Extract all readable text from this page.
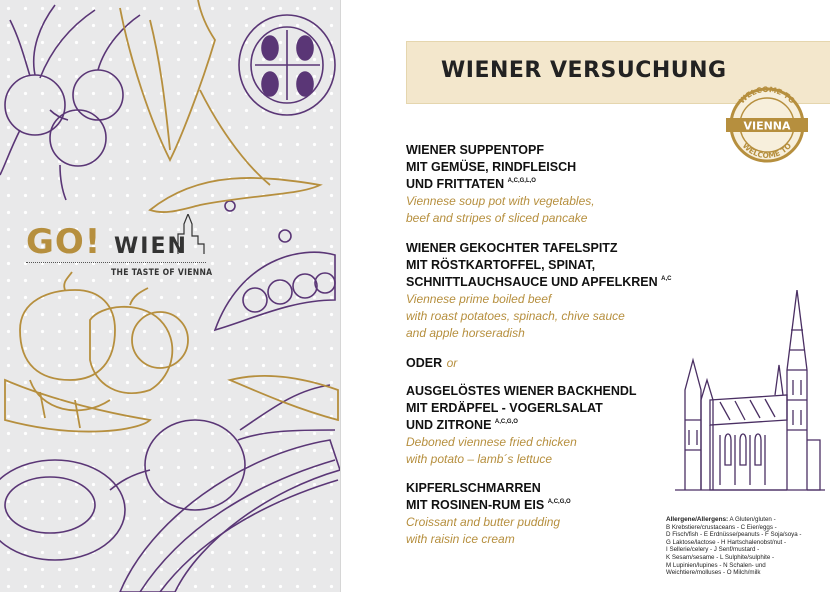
GO! WIEN
THE TASTE OF VIENNA
WIENER VERSUCHUNG
WELCOME TO
WELCOME TO
VIENNA
WIENER SUPPENTOPF
MIT GEMÜSE, RINDFLEISCH
UND FRITTATEN $^{A,C,G,L,O}$
Viennese soup pot with vegetables,
beef and stripes of sliced pancake
WIENER GEKOCHTER TAFELSPITZ
MIT RÖSTKARTOFFEL, SPINAT,
SCHNITTLAUCHSAUCE UND APFELKREN $^{A,C}$
Viennese prime boiled beef
with roast potatoes, spinach, chive sauce
and apple horseradish
ODER or
AUSGELÖSTES WIENER BACKHENDL
MIT ERDÄPFEL - VOGERLSALAT
UND ZITRONE $^{A,C,G,O}$
Deboned viennese fried chicken
with potato – lamb´s lettuce
KIPFERLSCHMARREN
MIT ROSINEN-RUM EIS $^{A,C,G,O}$
Croissant and butter pudding
with raisin ice cream
Allergene/Allergens: A Gluten/gluten -
B Krebstiere/crustaceans - C Eier/eggs -
D Fisch/fish - E Erdnüsse/peanuts - F Soja/soya -
G Laktose/lactose - H Hartschalenobst/nut -
I Sellerie/celery - J Senf/mustard -
K Sesam/sesame - L Sulphite/sulphite -
M Lupinien/lupines - N Schalen- und
Weichtiere/molluses - O Milch/milk
